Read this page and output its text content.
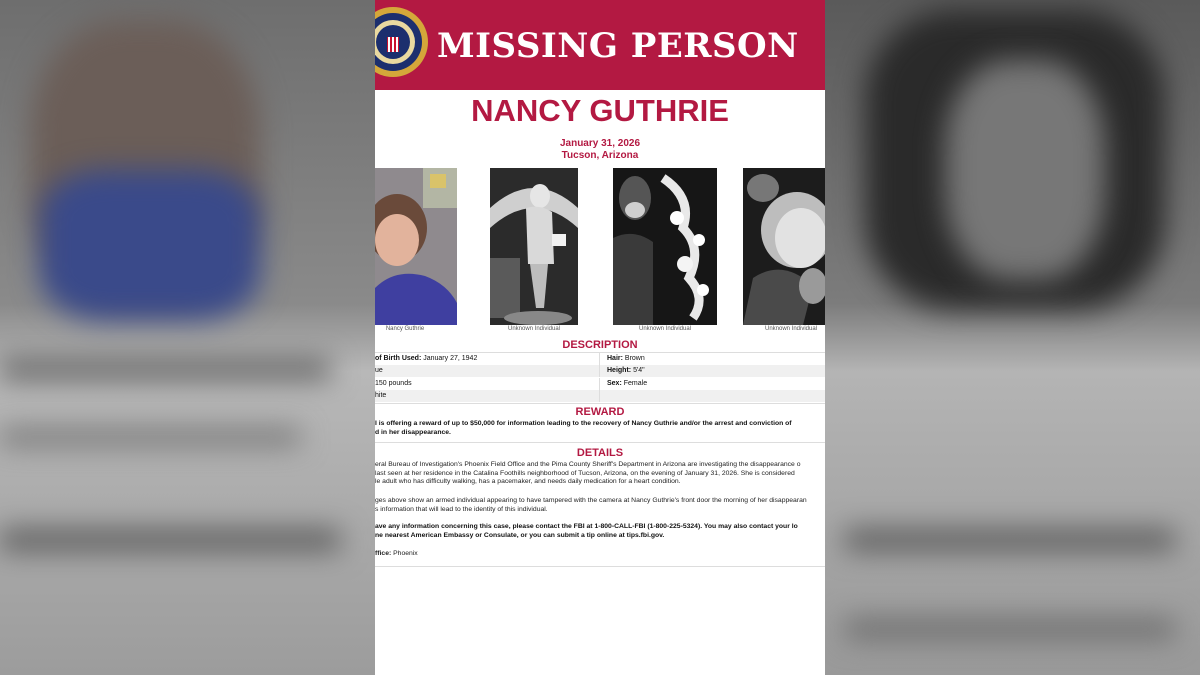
MISSING PERSON
NANCY GUTHRIE
January 31, 2026
Tucson, Arizona
Nancy Guthrie	Unknown Individual	Unknown Individual	Unknown Individual
DESCRIPTION
of Birth Used: January 27, 1942	Hair: Brown
ue	Height: 5'4"
150 pounds	Sex: Female
hite
REWARD
I is offering a reward of up to $50,000 for information leading to the recovery of Nancy Guthrie and/or the arrest and conviction of
d in her disappearance.
DETAILS
eral Bureau of Investigation's Phoenix Field Office and the Pima County Sheriff's Department in Arizona are investigating the disappearance o
last seen at her residence in the Catalina Foothills neighborhood of Tucson, Arizona, on the evening of January 31, 2026. She is considered
le adult who has difficulty walking, has a pacemaker, and needs daily medication for a heart condition.
ges above show an armed individual appearing to have tampered with the camera at Nancy Guthrie's front door the morning of her disappearan
s information that will lead to the identity of this individual.
ave any information concerning this case, please contact the FBI at 1-800-CALL-FBI (1-800-225-5324). You may also contact your lo
ne nearest American Embassy or Consulate, or you can submit a tip online at tips.fbi.gov.
ffice: Phoenix
